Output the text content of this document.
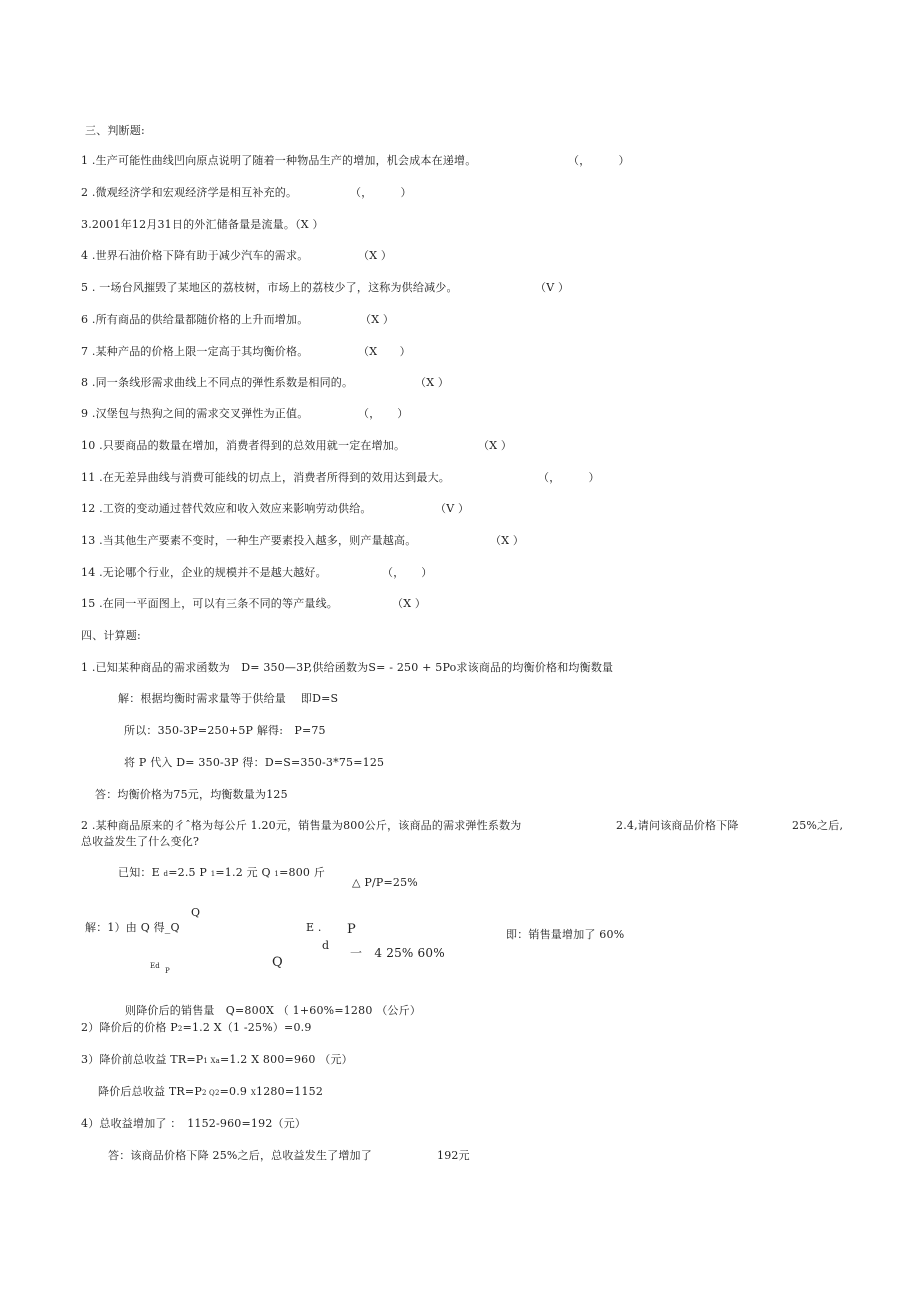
三、判断题:
1 .生产可能性曲线凹向原点说明了随着一种物品生产的增加，机会成本在递增。	（，　　　）
2 .微观经济学和宏观经济学是相互补充的。	（，　　　）
3.2001年12月31日的外汇储备量是流量。（X ）
4 .世界石油价格下降有助于减少汽车的需求。	（X ）
5 . 一场台风摧毁了某地区的荔枝树，市场上的荔枝少了，这称为供给减少。	（V ）
6 .所有商品的供给量都随价格的上升而增加。	（X ）
7 .某种产品的价格上限一定高于其均衡价格。	（X　　）
8 .同一条线形需求曲线上不同点的弹性系数是相同的。	（X ）
9 .汉堡包与热狗之间的需求交叉弹性为正值。	（，　　）
10 .只要商品的数量在增加，消费者得到的总效用就一定在增加。	（X ）
11 .在无差异曲线与消费可能线的切点上，消费者所得到的效用达到最大。	（，　　　）
12 .工资的变动通过替代效应和收入效应来影响劳动供给。	（V ）
13 .当其他生产要素不变时，一种生产要素投入越多，则产量越高。	（X ）
14 .无论哪个行业，企业的规模并不是越大越好。	（，　　）
15 .在同一平面图上，可以有三条不同的等产量线。	（X ）
四、计算题:
1 .已知某种商品的需求函数为　D= 350—3P,供给函数为S= - 250 + 5Po求该商品的均衡价格和均衡数量
解：根据均衡时需求量等于供给量　 即D=S
所以：350-3P=250+5P 解得:　P=75
将 P 代入 D= 350-3P 得：D=S=350-3*75=125
答：均衡价格为75元，均衡数量为125
2 .某种商品原来的彳ˆ格为每公斤 1.20元，销售量为800公斤，该商品的需求弹性系数为	2.4,请问该商品价格下降	25%之后,
总收益发生了什么变化?
已知：E d=2.5 P 1=1.2 元 Q 1=800 斤
△ P/P=25%
Q
解：1）由 Q 得_Q	E . P	即：销售量增加了 60%
d
一　4 25% 60%
Ed
P
Q
则降价后的销售量　Q=800X （ 1+60%=1280 （公斤）
2）降价后的价格 P2=1.2 X（1 -25%）=0.9
3）降价前总收益 TR=P1 Xa=1.2 X 800=960 （元）
降价后总收益 TR=P2 Q2=0.9 X1280=1152
4）总收益增加了 ：　1152-960=192（元）
答：该商品价格下降 25%之后，总收益发生了增加了	192元
